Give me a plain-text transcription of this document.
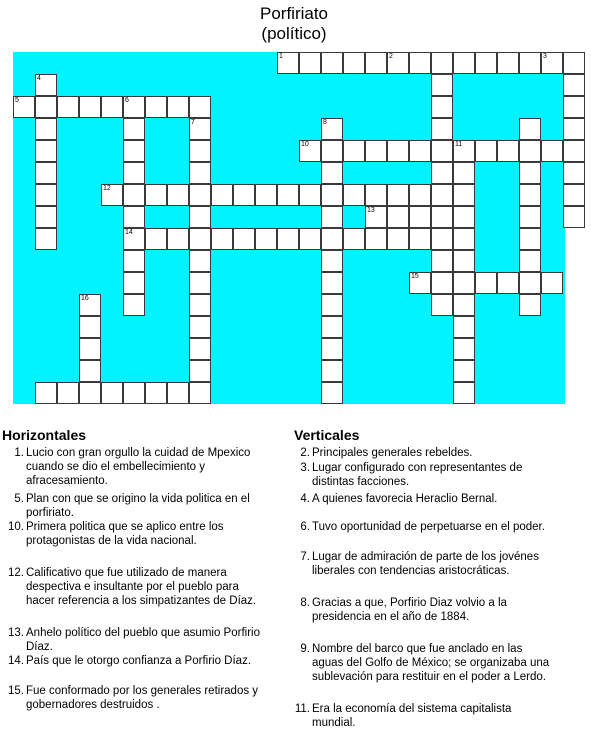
Porfiriato
(político)
1	2	3
4
5	6
14
7	8
10	11
12
13
15
16
Horizontales
1. Lucio con gran orgullo la cuidad de Mpexico cuando se dio el embellecimiento y afracesamiento.
5. Plan con que se origino la vida politica en el porfiriato.
10. Primera politica que se aplico entre los protagonistas de la vida nacional.
12. Calificativo que fue utilizado de manera despectiva e insultante por el pueblo para hacer referencia a los simpatizantes de Díaz.
13. Anhelo político del pueblo que asumio Porfirio Díaz.
14. País que le otorgo confianza a Porfirio Díaz.
15. Fue conformado por los generales retirados y gobernadores destruidos .
Verticales
2. Principales generales rebeldes.
3. Lugar configurado con representantes de distintas facciones.
4. A quienes favorecia Heraclio Bernal.
6. Tuvo oportunidad de perpetuarse en el poder.
7. Lugar de admiración de parte de los jovénes liberales con tendencias aristocráticas.
8. Gracias a que, Porfirio Diaz volvio a la presidencia en el año de 1884.
9. Nombre del barco que fue anclado en las aguas del Golfo de México; se organizaba una sublevación para restituir en el poder a Lerdo.
11. Era la economía del sistema capitalista mundial.
